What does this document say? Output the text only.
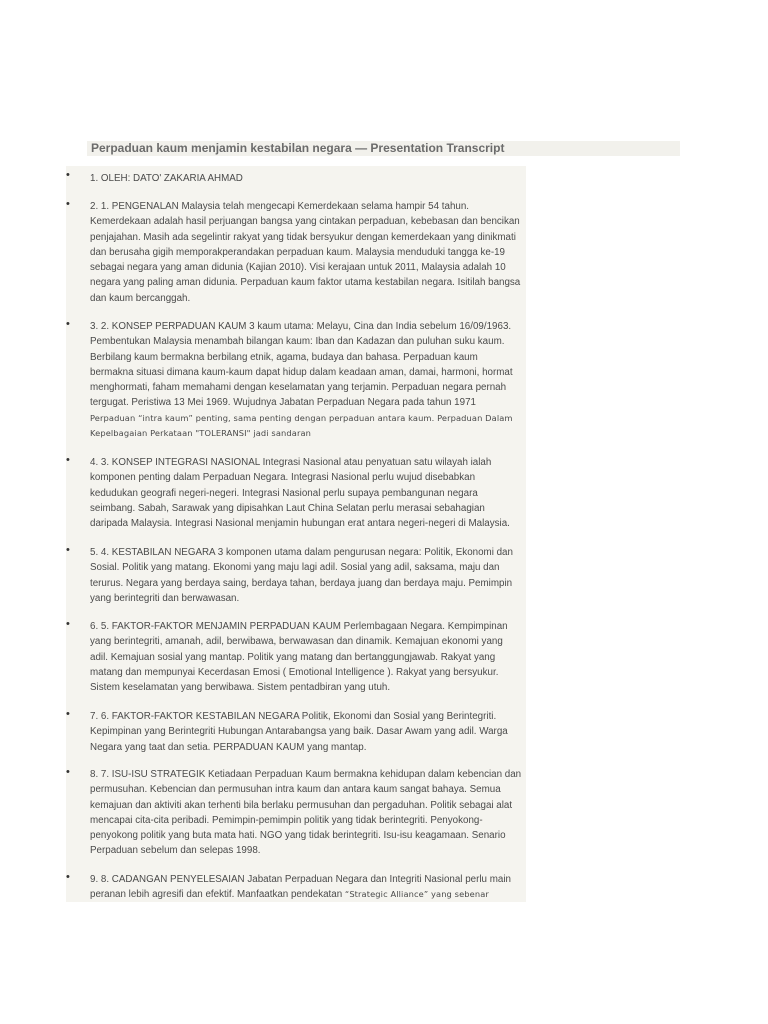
Perpaduan kaum menjamin kestabilan negara — Presentation Transcript
• 1. OLEH: DATO' ZAKARIA AHMAD
• 2. 1. PENGENALAN Malaysia telah mengecapi Kemerdekaan selama hampir 54 tahun. Kemerdekaan adalah hasil perjuangan bangsa yang cintakan perpaduan, kebebasan dan bencikan penjajahan. Masih ada segelintir rakyat yang tidak bersyukur dengan kemerdekaan yang dinikmati dan berusaha gigih memporakperandakan perpaduan kaum. Malaysia menduduki tangga ke-19 sebagai negara yang aman didunia (Kajian 2010). Visi kerajaan untuk 2011, Malaysia adalah 10 negara yang paling aman didunia. Perpaduan kaum faktor utama kestabilan negara. Isitilah bangsa dan kaum bercanggah.
• 3. 2. KONSEP PERPADUAN KAUM 3 kaum utama: Melayu, Cina dan India sebelum 16/09/1963. Pembentukan Malaysia menambah bilangan kaum: Iban dan Kadazan dan puluhan suku kaum. Berbilang kaum bermakna berbilang etnik, agama, budaya dan bahasa. Perpaduan kaum bermakna situasi dimana kaum-kaum dapat hidup dalam keadaan aman, damai, harmoni, hormat menghormati, faham memahami dengan keselamatan yang terjamin. Perpaduan negara pernah tergugat. Peristiwa 13 Mei 1969. Wujudnya Jabatan Perpaduan Negara pada tahun 1971 Perpaduan “intra kaum” penting, sama penting dengan perpaduan antara kaum. Perpaduan Dalam Kepelbagaian Perkataan "TOLERANSI" jadi sandaran
• 4. 3. KONSEP INTEGRASI NASIONAL Integrasi Nasional atau penyatuan satu wilayah ialah komponen penting dalam Perpaduan Negara. Integrasi Nasional perlu wujud disebabkan kedudukan geografi negeri-negeri. Integrasi Nasional perlu supaya pembangunan negara seimbang. Sabah, Sarawak yang dipisahkan Laut China Selatan perlu merasai sebahagian daripada Malaysia. Integrasi Nasional menjamin hubungan erat antara negeri-negeri di Malaysia.
• 5. 4. KESTABILAN NEGARA 3 komponen utama dalam pengurusan negara: Politik, Ekonomi dan Sosial. Politik yang matang. Ekonomi yang maju lagi adil. Sosial yang adil, saksama, maju dan terurus. Negara yang berdaya saing, berdaya tahan, berdaya juang dan berdaya maju. Pemimpin yang berintegriti dan berwawasan.
• 6. 5. FAKTOR-FAKTOR MENJAMIN PERPADUAN KAUM Perlembagaan Negara. Kempimpinan yang berintegriti, amanah, adil, berwibawa, berwawasan dan dinamik. Kemajuan ekonomi yang adil. Kemajuan sosial yang mantap. Politik yang matang dan bertanggungjawab. Rakyat yang matang dan mempunyai Kecerdasan Emosi ( Emotional Intelligence ). Rakyat yang bersyukur. Sistem keselamatan yang berwibawa. Sistem pentadbiran yang utuh.
• 7. 6. FAKTOR-FAKTOR KESTABILAN NEGARA Politik, Ekonomi dan Sosial yang Berintegriti. Kepimpinan yang Berintegriti Hubungan Antarabangsa yang baik. Dasar Awam yang adil. Warga Negara yang taat dan setia. PERPADUAN KAUM yang mantap.
• 8. 7. ISU-ISU STRATEGIK Ketiadaan Perpaduan Kaum bermakna kehidupan dalam kebencian dan permusuhan. Kebencian dan permusuhan intra kaum dan antara kaum sangat bahaya. Semua kemajuan dan aktiviti akan terhenti bila berlaku permusuhan dan pergaduhan. Politik sebagai alat mencapai cita-cita peribadi. Pemimpin-pemimpin politik yang tidak berintegriti. Penyokong-penyokong politik yang buta mata hati. NGO yang tidak berintegriti. Isu-isu keagamaan. Senario Perpaduan sebelum dan selepas 1998.
• 9. 8. CADANGAN PENYELESAIAN Jabatan Perpaduan Negara dan Integriti Nasional perlu main peranan lebih agresifi dan efektif. Manfaatkan pendekatan “Strategic Alliance” yang sebenar
